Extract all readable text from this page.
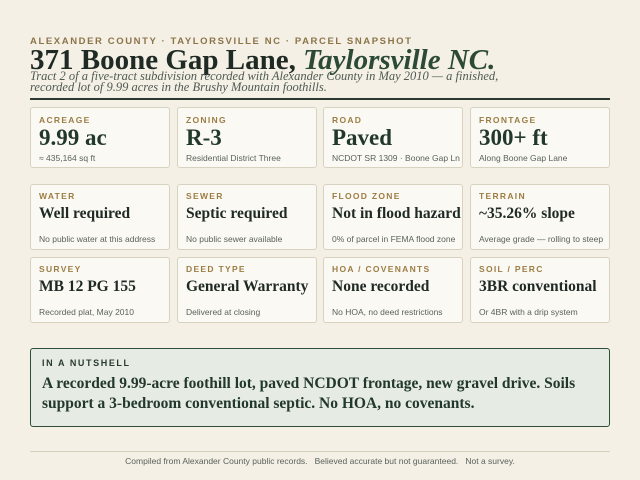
ALEXANDER COUNTY · TAYLORSVILLE NC · PARCEL SNAPSHOT
371 Boone Gap Lane, Taylorsville NC.

Tract 2 of a five-tract subdivision recorded with Alexander County in May 2010 — a finished, recorded lot of 9.99 acres in the Brushy Mountain foothills.

ACREAGE
9.99 ac
≈ 435,164 sq ft
ZONING
R-3
Residential District Three
ROAD
Paved
NCDOT SR 1309 · Boone Gap Ln
FRONTAGE
300+ ft
Along Boone Gap Lane
WATER
Well required
No public water at this address
SEWER
Septic required
No public sewer available
FLOOD ZONE
Not in flood hazard
0% of parcel in FEMA flood zone
TERRAIN
~35.26% slope
Average grade — rolling to steep
SURVEY
MB 12 PG 155
Recorded plat, May 2010
DEED TYPE
General Warranty
Delivered at closing
HOA / COVENANTS
None recorded
No HOA, no deed restrictions
SOIL / PERC
3BR conventional
Or 4BR with a drip system
IN A NUTSHELL
A recorded 9.99-acre foothill lot, paved NCDOT frontage, new gravel drive. Soils support a 3-bedroom conventional septic. No HOA, no covenants.
Compiled from Alexander County public records.   Believed accurate but not guaranteed.   Not a survey.
